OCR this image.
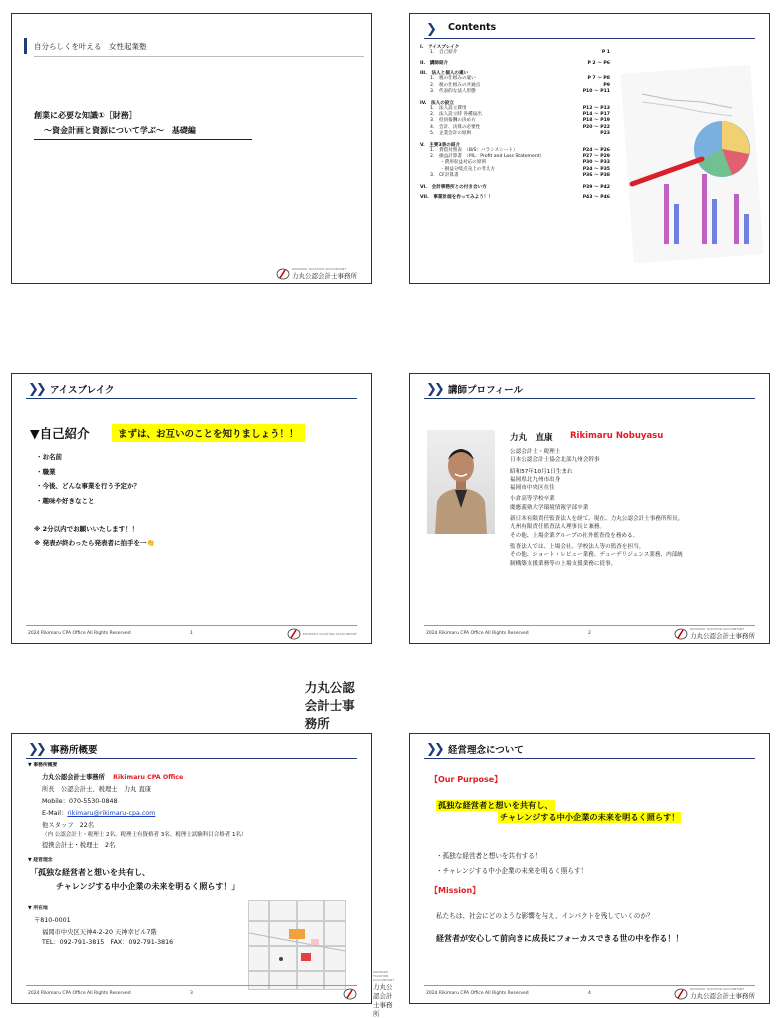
自分らしくを叶える　女性起業塾
創業に必要な知識①［財務］
～資金計画と資源について学ぶ～　基礎編
RIKIMARU TAXATION ACCOUNTANT
力丸公認会計士事務所
❯ Contents
I.　アイスブレイク
1.　自己紹介	P 1
II.　講師紹介	P 2 ～ P6
III.　法人と個人の違い
1.　税の仕組みの違い	P 7 ～ P8
2.　税の仕組みの共通点	P9
3.　代表的な法人形態	P10 ～ P11
IV.　法人の設立
1.　法人設立費用	P12 ～ P13
2.　法人設立時 各種届出	P14 ～ P17
3.　役員報酬の決め方	P18 ～ P19
4.　会計、決算の必要性	P20 ～ P22
5.　企業会計の原則	P23
V.　主要3表の紹介
1.　貸借対照表　（B/S：バランスシート）	P24 ～ P26
2.　損益計算書　（P/L：Profit and Loss Statement）	P27 ～ P29
・費用収益対応の原則	P30 ～ P33
・損益分岐点売上の考え方	P34 ～ P35
3.　CF計算書	P36 ～ P38
VI.　会計事務所との付き合い方	P39 ～ P42
VII.　事業計画を作ってみよう！！	P43 ～ P46
❯❯ アイスブレイク
▼自己紹介	まずは、お互いのことを知りましょう！！
・お名前
・職業
・今後、どんな事業を行う予定か？
・趣味や好きなこと
※ 2分以内でお願いいたします！！
※ 発表が終わったら発表者に拍手を一👏
2024 Rikimaru CPA Office All Rights Reserved	1	RIKIMARU TAXATION ACCOUNTANT
力丸公認会計士事務所
❯❯ 講師プロフィール
力丸　直康 Rikimaru Nobuyasu
公認会計士・税理士
日本公認会計士協会北部九州会幹事
昭和57年10月1日生まれ
福岡県北九州市出身
福岡市中央区在住
小倉高等学校卒業
慶應義塾大学環境情報学部卒業
新日本有限責任監査法人を経て、現在、力丸公認会計士事務所所長。
九州有限責任監査法人理事長と兼務。
その他、上場企業グループの社外監査役を務める。
監査法人では、上場会社、学校法人等の監査を担当。
その他、ショート・レビュー業務、デューデリジェンス業務、内部統
制構築支援業務等の上場支援業務に従事。
2024 Rikimaru CPA Office All Rights Reserved	2
RIKIMARU TAXATION ACCOUNTANT
力丸公認会計士事務所
❯❯ 事務所概要
▼ 事務所概要
力丸公認会計士事務所 Rikimaru CPA Office
所長　公認会計士、税理士　力丸 直康
Mobile：070-5530-0848
E-Mail：rikimaru@rikimaru-cpa.com
他スタッフ　22名
（内 公認会計士・税理士 2名、税理士有資格者 3名、税理士試験科目合格者 1名）
提携会計士・税理士　2名
▼ 経営理念
「孤独な経営者と想いを共有し、
チャレンジする中小企業の未来を明るく照らす！」
▼ 所在地
〒810-0001
福岡市中央区天神4-2-20 天神幸ビル7階
TEL：092-791-3815　FAX：092-791-3816
2024 Rikimaru CPA Office All Rights Reserved	3
RIKIMARU TAXATION ACCOUNTANT
力丸公認会計士事務所
❯❯ 経営理念について
【Our Purpose】
孤独な経営者と想いを共有し、
チャレンジする中小企業の未来を明るく照らす！
・孤独な経営者と想いを共有する！
・チャレンジする中小企業の未来を明るく照らす！
【Mission】
私たちは、社会にどのような影響を与え、インパクトを残していくのか？
経営者が安心して前向きに成長にフォーカスできる世の中を作る！！
2024 Rikimaru CPA Office All Rights Reserved	4
RIKIMARU TAXATION ACCOUNTANT
力丸公認会計士事務所
